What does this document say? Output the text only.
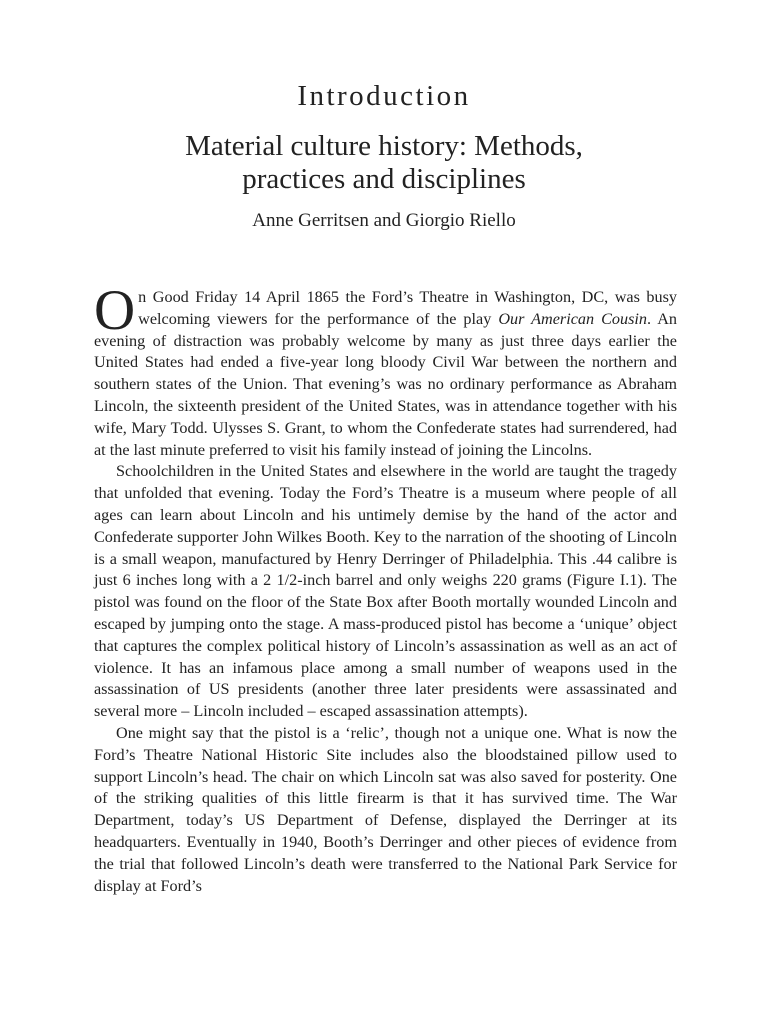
Introduction
Material culture history: Methods,
practices and disciplines

Anne Gerritsen and Giorgio Riello

On Good Friday 14 April 1865 the Ford’s Theatre in Washington, DC, was busy welcoming viewers for the performance of the play Our American Cousin. An evening of distraction was probably welcome by many as just three days earlier the United States had ended a five-year long bloody Civil War between the northern and southern states of the Union. That evening’s was no ordinary performance as Abraham Lincoln, the sixteenth president of the United States, was in attendance together with his wife, Mary Todd. Ulysses S. Grant, to whom the Confederate states had surrendered, had at the last minute preferred to visit his family instead of joining the Lincolns.

Schoolchildren in the United States and elsewhere in the world are taught the tragedy that unfolded that evening. Today the Ford’s Theatre is a museum where people of all ages can learn about Lincoln and his untimely demise by the hand of the actor and Confederate supporter John Wilkes Booth. Key to the narration of the shooting of Lincoln is a small weapon, manufactured by Henry Derringer of Philadelphia. This .44 calibre is just 6 inches long with a 2 1/2-inch barrel and only weighs 220 grams (Figure I.1). The pistol was found on the floor of the State Box after Booth mortally wounded Lincoln and escaped by jumping onto the stage. A mass-produced pistol has become a ‘unique’ object that captures the complex political history of Lincoln’s assassination as well as an act of violence. It has an infamous place among a small number of weapons used in the assassination of US presidents (another three later presidents were assassinated and several more – Lincoln included – escaped assassination attempts).

One might say that the pistol is a ‘relic’, though not a unique one. What is now the Ford’s Theatre National Historic Site includes also the bloodstained pillow used to support Lincoln’s head. The chair on which Lincoln sat was also saved for posterity. One of the striking qualities of this little firearm is that it has survived time. The War Department, today’s US Department of Defense, displayed the Derringer at its headquarters. Eventually in 1940, Booth’s Derringer and other pieces of evidence from the trial that followed Lincoln’s death were transferred to the National Park Service for display at Ford’s
